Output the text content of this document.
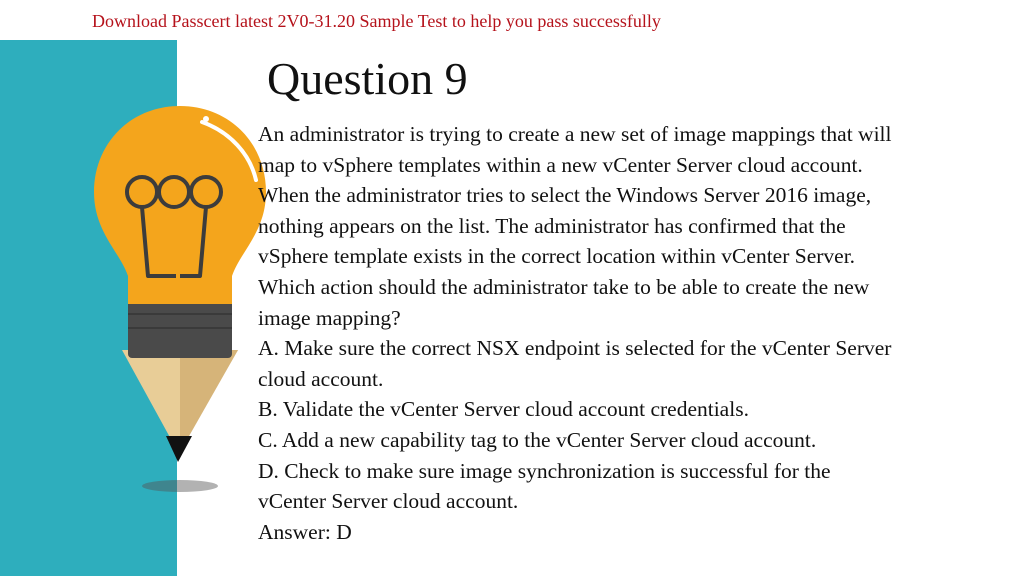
Download Passcert latest 2V0-31.20 Sample Test to help you pass successfully
Question 9
An administrator is trying to create a new set of image mappings that will
map to vSphere templates within a new vCenter Server cloud account.
When the administrator tries to select the Windows Server 2016 image,
nothing appears on the list. The administrator has confirmed that the
vSphere template exists in the correct location within vCenter Server.
Which action should the administrator take to be able to create the new
image mapping?
A. Make sure the correct NSX endpoint is selected for the vCenter Server
cloud account.
B. Validate the vCenter Server cloud account credentials.
C. Add a new capability tag to the vCenter Server cloud account.
D. Check to make sure image synchronization is successful for the
vCenter Server cloud account.
Answer: D
